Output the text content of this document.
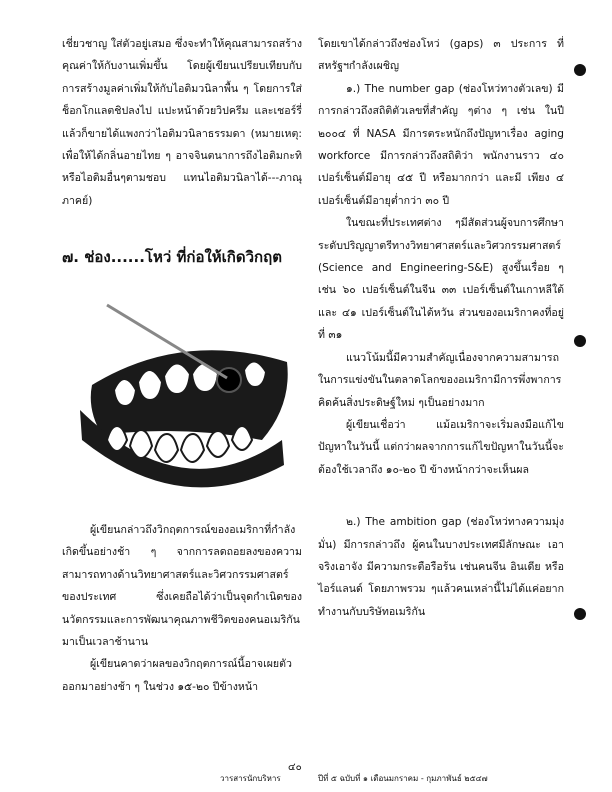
เชี่ยวชาญ ใส่ตัวอยู่เสมอ ซึ่งจะทำให้คุณสามารถสร้างคุณค่าให้กับงานเพิ่มขึ้น โดยผู้เขียนเปรียบเทียบกับการสร้างมูลค่าเพิ่มให้กับไอติมวนิลาพื้น ๆ โดยการใส่ ช็อกโกแลตชิปลงไป แปะหน้าด้วยวิปครีม และเชอร์รี่ แล้วก็ขายได้แพงกว่าไอติมวนิลาธรรมดา (หมายเหตุ: เพื่อให้ได้กลิ่นอายไทย ๆ อาจจินตนาการถึงไอติมกะทิ หรือไอติมอื่นๆตามชอบ แทนไอติมวนิลาได้---ภาณุภาคย์)

๗. ช่อง......โหว่ ที่ก่อให้เกิดวิกฤต

ผู้เขียนกล่าวถึงวิกฤตการณ์ของอเมริกาที่กำลังเกิดขึ้นอย่างช้า ๆ จากการลดถอยลงของความสามารถทางด้านวิทยาศาสตร์และวิศวกรรมศาสตร์ของประเทศ ซึ่งเคยถือได้ว่าเป็นจุดกำเนิดของนวัตกรรมและการพัฒนาคุณภาพชีวิตของคนอเมริกันมาเป็นเวลาช้านาน

ผู้เขียนคาดว่าผลของวิกฤตการณ์นี้อาจเผยตัวออกมาอย่างช้า ๆ ในช่วง ๑๕-๒๐ ปีข้างหน้า

โดยเขาได้กล่าวถึงช่องโหว่ (gaps) ๓ ประการ ที่สหรัฐฯกำลังเผชิญ

๑.) The number gap (ช่องโหว่ทางตัวเลข) มีการกล่าวถึงสถิติตัวเลขที่สำคัญ ๆต่าง ๆ เช่น ในปี ๒๐๐๔ ที่ NASA มีการตระหนักถึงปัญหาเรื่อง aging workforce มีการกล่าวถึงสถิติว่า พนักงานราว ๔๐ เปอร์เซ็นต์มีอายุ ๔๕ ปี หรือมากกว่า และมี เพียง ๔ เปอร์เซ็นต์มีอายุต่ำกว่า ๓๐ ปี

ในขณะที่ประเทศต่าง ๆมีสัดส่วนผู้จบการศึกษาระดับปริญญาตรีทางวิทยาศาสตร์และวิศวกรรมศาสตร์ (Science and Engineering-S&E) สูงขึ้นเรื่อย ๆ เช่น ๖๐ เปอร์เซ็นต์ในจีน ๓๓ เปอร์เซ็นต์ในเกาหลีใต้ และ ๔๑ เปอร์เซ็นต์ในไต้หวัน ส่วนของอเมริกาคงที่อยู่ที่ ๓๑

แนวโน้มนี้มีความสำคัญเนื่องจากความสามารถในการแข่งขันในตลาดโลกของอเมริกามีการพึ่งพาการคิดค้นสิ่งประดิษฐ์ใหม่ ๆเป็นอย่างมาก

ผู้เขียนเชื่อว่า แม้อเมริกาจะเริ่มลงมือแก้ไขปัญหาในวันนี้ แต่กว่าผลจากการแก้ไขปัญหาในวันนี้จะต้องใช้เวลาถึง ๑๐-๒๐ ปี ข้างหน้ากว่าจะเห็นผล

๒.) The ambition gap (ช่องโหว่ทางความมุ่งมั่น) มีการกล่าวถึง ผู้คนในบางประเทศมีลักษณะ เอาจริงเอาจัง มีความกระตือรือร้น เช่นคนจีน อินเดีย หรือไอร์แลนด์ โดยภาพรวม ๆแล้วคนเหล่านี้ไม่ได้แค่อยากทำงานกับบริษัทอเมริกัน

๔๐
วารสารนักบริหาร	ปีที่ ๕ ฉบับที่ ๑ เดือนมกราคม - กุมภาพันธ์ ๒๕๔๗
